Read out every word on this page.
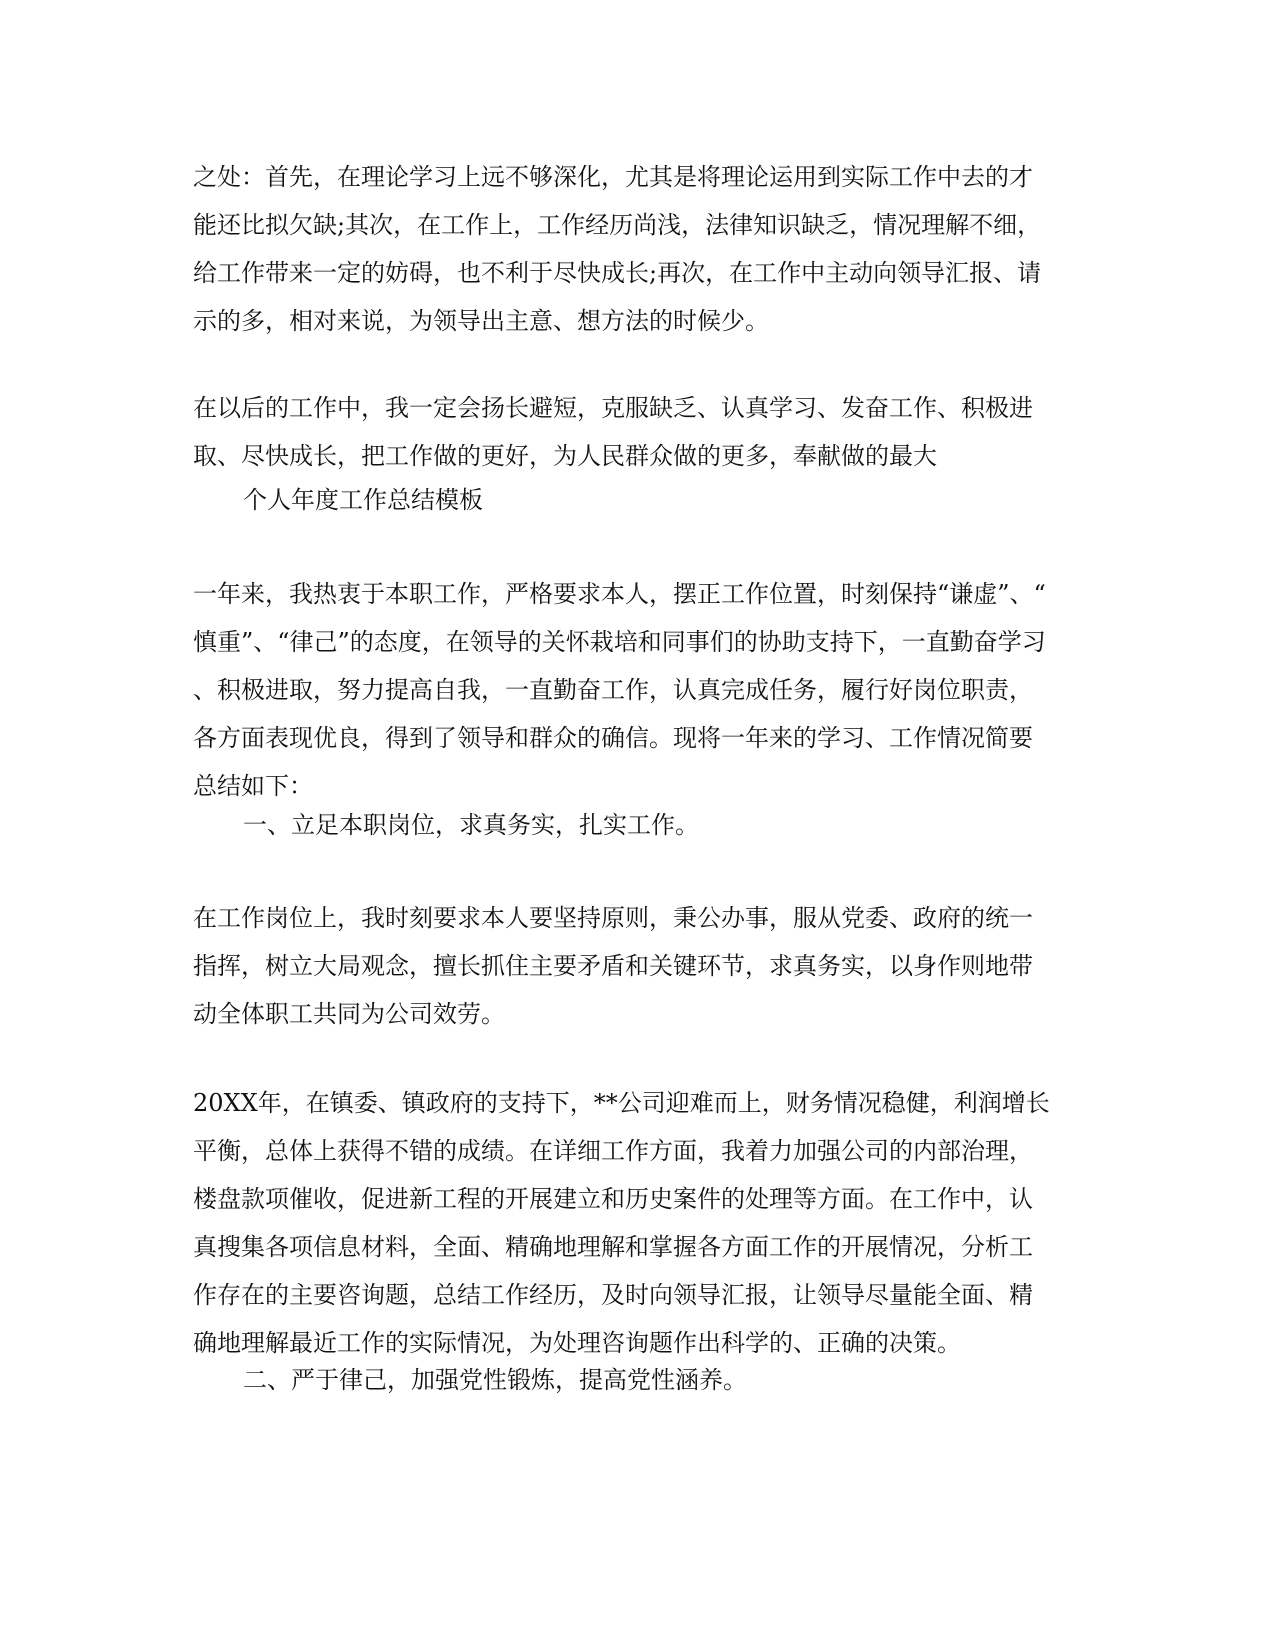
之处：首先，在理论学习上远不够深化，尤其是将理论运用到实际工作中去的才
能还比拟欠缺;其次，在工作上，工作经历尚浅，法律知识缺乏，情况理解不细，
给工作带来一定的妨碍，也不利于尽快成长;再次，在工作中主动向领导汇报、请
示的多，相对来说，为领导出主意、想方法的时候少。
在以后的工作中，我一定会扬长避短，克服缺乏、认真学习、发奋工作、积极进
取、尽快成长，把工作做的更好，为人民群众做的更多，奉献做的最大
个人年度工作总结模板
一年来，我热衷于本职工作，严格要求本人，摆正工作位置，时刻保持“谦虚”、“
慎重”、“律己”的态度，在领导的关怀栽培和同事们的协助支持下，一直勤奋学习
、积极进取，努力提高自我，一直勤奋工作，认真完成任务，履行好岗位职责，
各方面表现优良，得到了领导和群众的确信。现将一年来的学习、工作情况简要
总结如下：
一、立足本职岗位，求真务实，扎实工作。
在工作岗位上，我时刻要求本人要坚持原则，秉公办事，服从党委、政府的统一
指挥，树立大局观念，擅长抓住主要矛盾和关键环节，求真务实，以身作则地带
动全体职工共同为公司效劳。
20XX年，在镇委、镇政府的支持下，**公司迎难而上，财务情况稳健，利润增长
平衡，总体上获得不错的成绩。在详细工作方面，我着力加强公司的内部治理，
楼盘款项催收，促进新工程的开展建立和历史案件的处理等方面。在工作中，认
真搜集各项信息材料，全面、精确地理解和掌握各方面工作的开展情况，分析工
作存在的主要咨询题，总结工作经历，及时向领导汇报，让领导尽量能全面、精
确地理解最近工作的实际情况，为处理咨询题作出科学的、正确的决策。
二、严于律己，加强党性锻炼，提高党性涵养。
